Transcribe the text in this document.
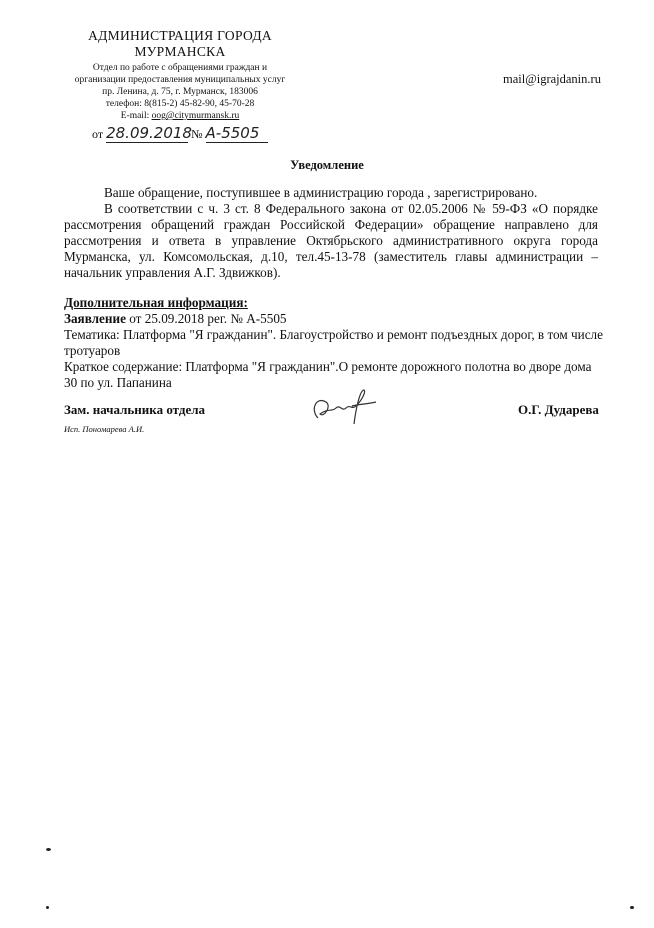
АДМИНИСТРАЦИЯ ГОРОДА
МУРМАНСКА
Отдел по работе с обращениями граждан и
организации предоставления муниципальных услуг
пр. Ленина, д. 75, г. Мурманск, 183006
телефон: 8(815-2) 45-82-90, 45-70-28
E-mail: oog@citymurmansk.ru
mail@igrajdanin.ru
от 28.09.2018 № А-5505
Уведомление

Ваше обращение, поступившее в администрацию города , зарегистрировано.

В соответствии с ч. 3 ст. 8 Федерального закона от 02.05.2006 № 59-ФЗ «О порядке рассмотрения обращений граждан Российской Федерации» обращение направлено для рассмотрения и ответа в управление Октябрьского административного округа города Мурманска, ул. Комсомольская, д.10, тел.45-13-78 (заместитель главы администрации – начальник управления А.Г. Здвижков).

Дополнительная информация:

Заявление от 25.09.2018 рег. № А-5505

Тематика: Платформа "Я гражданин". Благоустройство и ремонт подъездных дорог, в том числе тротуаров

Краткое содержание: Платформа "Я гражданин".О ремонте дорожного полотна во дворе дома 30 по ул. Папанина

Зам. начальника отдела	О.Г. Дударева
Исп. Пономарева А.И.
